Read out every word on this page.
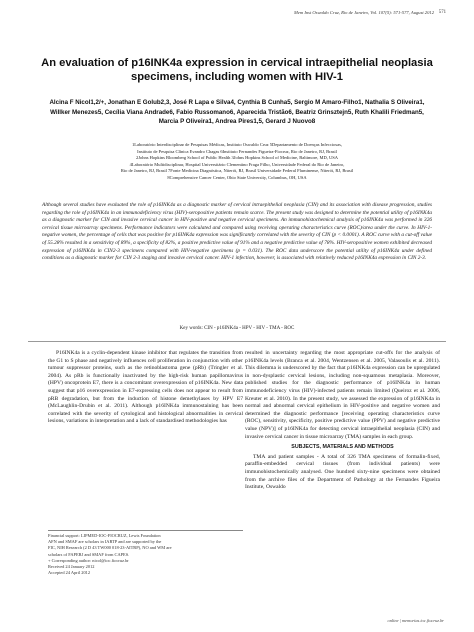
Mem Inst Oswaldo Cruz, Rio de Janeiro, Vol. 107(5): 571-577, August 2012 571
An evaluation of p16INK4a expression in cervical intraepithelial neoplasia specimens, including women with HIV-1
Alcina F Nicol1,2/+, Jonathan E Golub2,3, José R Lapa e Silva4, Cynthia B Cunha5, Sergio M Amaro-Filho1, Nathalia S Oliveira1, Willker Menezes5, Cecília Viana Andrade6, Fabio Russomano6, Aparecida Tristão6, Beatriz Grinsztejn5, Ruth Khalili Friedman5, Marcia P Oliveira1, Andrea Pires1,5, Gerard J Nuovo8
1Laboratório Interdisciplinar de Pesquisas Médicas, Instituto Oswaldo Cruz 5Departamento de Doenças Infecciosas,
Instituto de Pesquisa Clínica Evandro Chagas 6Instituto Fernandes Figueira-Fiocruz, Rio de Janeiro, RJ, Brasil
2Johns Hopkins Bloomberg School of Public Health 3Johns Hopkins School of Medicine, Baltimore, MD, USA
4Laboratório Multidisciplinar, Hospital Universitário Clementino Fraga Filho, Universidade Federal do Rio de Janeiro,
Rio de Janeiro, RJ, Brasil 7Fonte Medicina Diagnóstica, Niterói, RJ, Brasil Universidade Federal Fluminense, Niterói, RJ, Brasil
8Comprehensive Cancer Center, Ohio State University, Columbus, OH, USA
Although several studies have evaluated the role of p16INK4a as a diagnostic marker of cervical intraepithelial neoplasia (CIN) and its association with disease progression, studies regarding the role of p16INK4a in an immunodeficiency virus (HIV)-seropositive patients remain scarce. The present study was designed to determine the potential utility of p16INK4a as a diagnostic marker for CIN and invasive cervical cancer in HIV-positive and negative cervical specimens. An immunohistochemical analysis of p16INK4a was performed in 326 cervical tissue microarray specimens. Performance indicators were calculated and compared using receiving operating characteristics curve (ROC)/area under the curve. In HIV-1-negative women, the percentage of cells that was positive for p16INK4a expression was significantly correlated with the severity of CIN (p < 0.0001). A ROC curve with a cut-off value of 55.28% resulted in a sensitivity of 89%, a specificity of 82%, a positive predictive value of 91% and a negative predictive value of 78%. HIV-seropositive women exhibited decreased expression of p16INK4a in CIN2-3 specimens compared with HIV-negative specimens (p = 0.031). The ROC data underscore the potential utility of p16INK4a under defined conditions as a diagnostic marker for CIN 2-3 staging and invasive cervical cancer. HIV-1 infection, however, is associated with relatively reduced p16INK4a expression in CIN 2-3.
Key words: CIN - p16INK4a - HPV - HIV - TMA - ROC

P16INK4a is a cyclin-dependent kinase inhibitor that regulates the transition from the G1 to S phase and negatively influences cell proliferation in conjunction with other tumour suppressor proteins, such as the retinoblastoma gene (pRb) (Tringler et al. 2004). As pRb is functionally inactivated by the high-risk human papillomavirus (HPV) oncoprotein E7, there is a concomitant overexpression of p16INK4a. New data suggest that p16 overexpression in E7-expressing cells does not appear to result from pRB degradation, but from the induction of histone demethylases by HPV E7 (McLaughlin-Drubin et al. 2011). Although p16INK4a immunostaining has been correlated with the severity of cytological and histological abnormalities in cervical lesions, variations in interpretation and a lack of standardised methodologies has

resulted in uncertainty regarding the most appropriate cut-offs for the analysis of p16INK4a levels (Branca et al. 2004, Wentzensen et al. 2005, Valasoulis et al. 2011). This dilemma is underscored by the fact that p16INK4a expression can be upregulated in non-dysplastic cervical lesions, including non-squamous metaplasia. Moreover, published studies for the diagnostic performance of p16INK4a in human immunodeficiency virus (HIV)-infected patients remain limited (Queiroz et al. 2006, Kreuter et al. 2010). In the present study, we assessed the expression of p16INK4a in normal and abnormal cervical epithelium in HIV-positive and negative women and determined the diagnostic performance [receiving operating characteristics curve (ROC), sensitivity, specificity, positive predictive value (PPV) and negative predictive value (NPV)] of p16INK4a for detecting cervical intraepithelial neoplasia (CIN) and invasive cervical cancer in tissue microarray (TMA) samples in each group.

SUBJECTS, MATERIALS AND METHODS

TMA and patient samples - A total of 326 TMA specimens of formalin-fixed, paraffin-embedded cervical tissues (from individual patients) were immunohistochemically analysed. One hundred sixty-nine specimens were obtained from the archive files of the Department of Pathology at the Fernandes Figueira Institute, Oswaldo

Financial support: LIPMED-IOC-FIOCRUZ, Lewis Foundation
AFN and SMAF are scholars in IARTP and are supported by the
FIC, NIH Research (2 D 43 TW000 018-23-AITRP), NO and WM are
scholars of FAPERJ and SMAF from CAPES.
+ Corresponding author: nicol@ioc.fiocruz.br
Received 24 January 2012
Accepted 24 April 2012
online | memorias.ioc.fiocruz.br
